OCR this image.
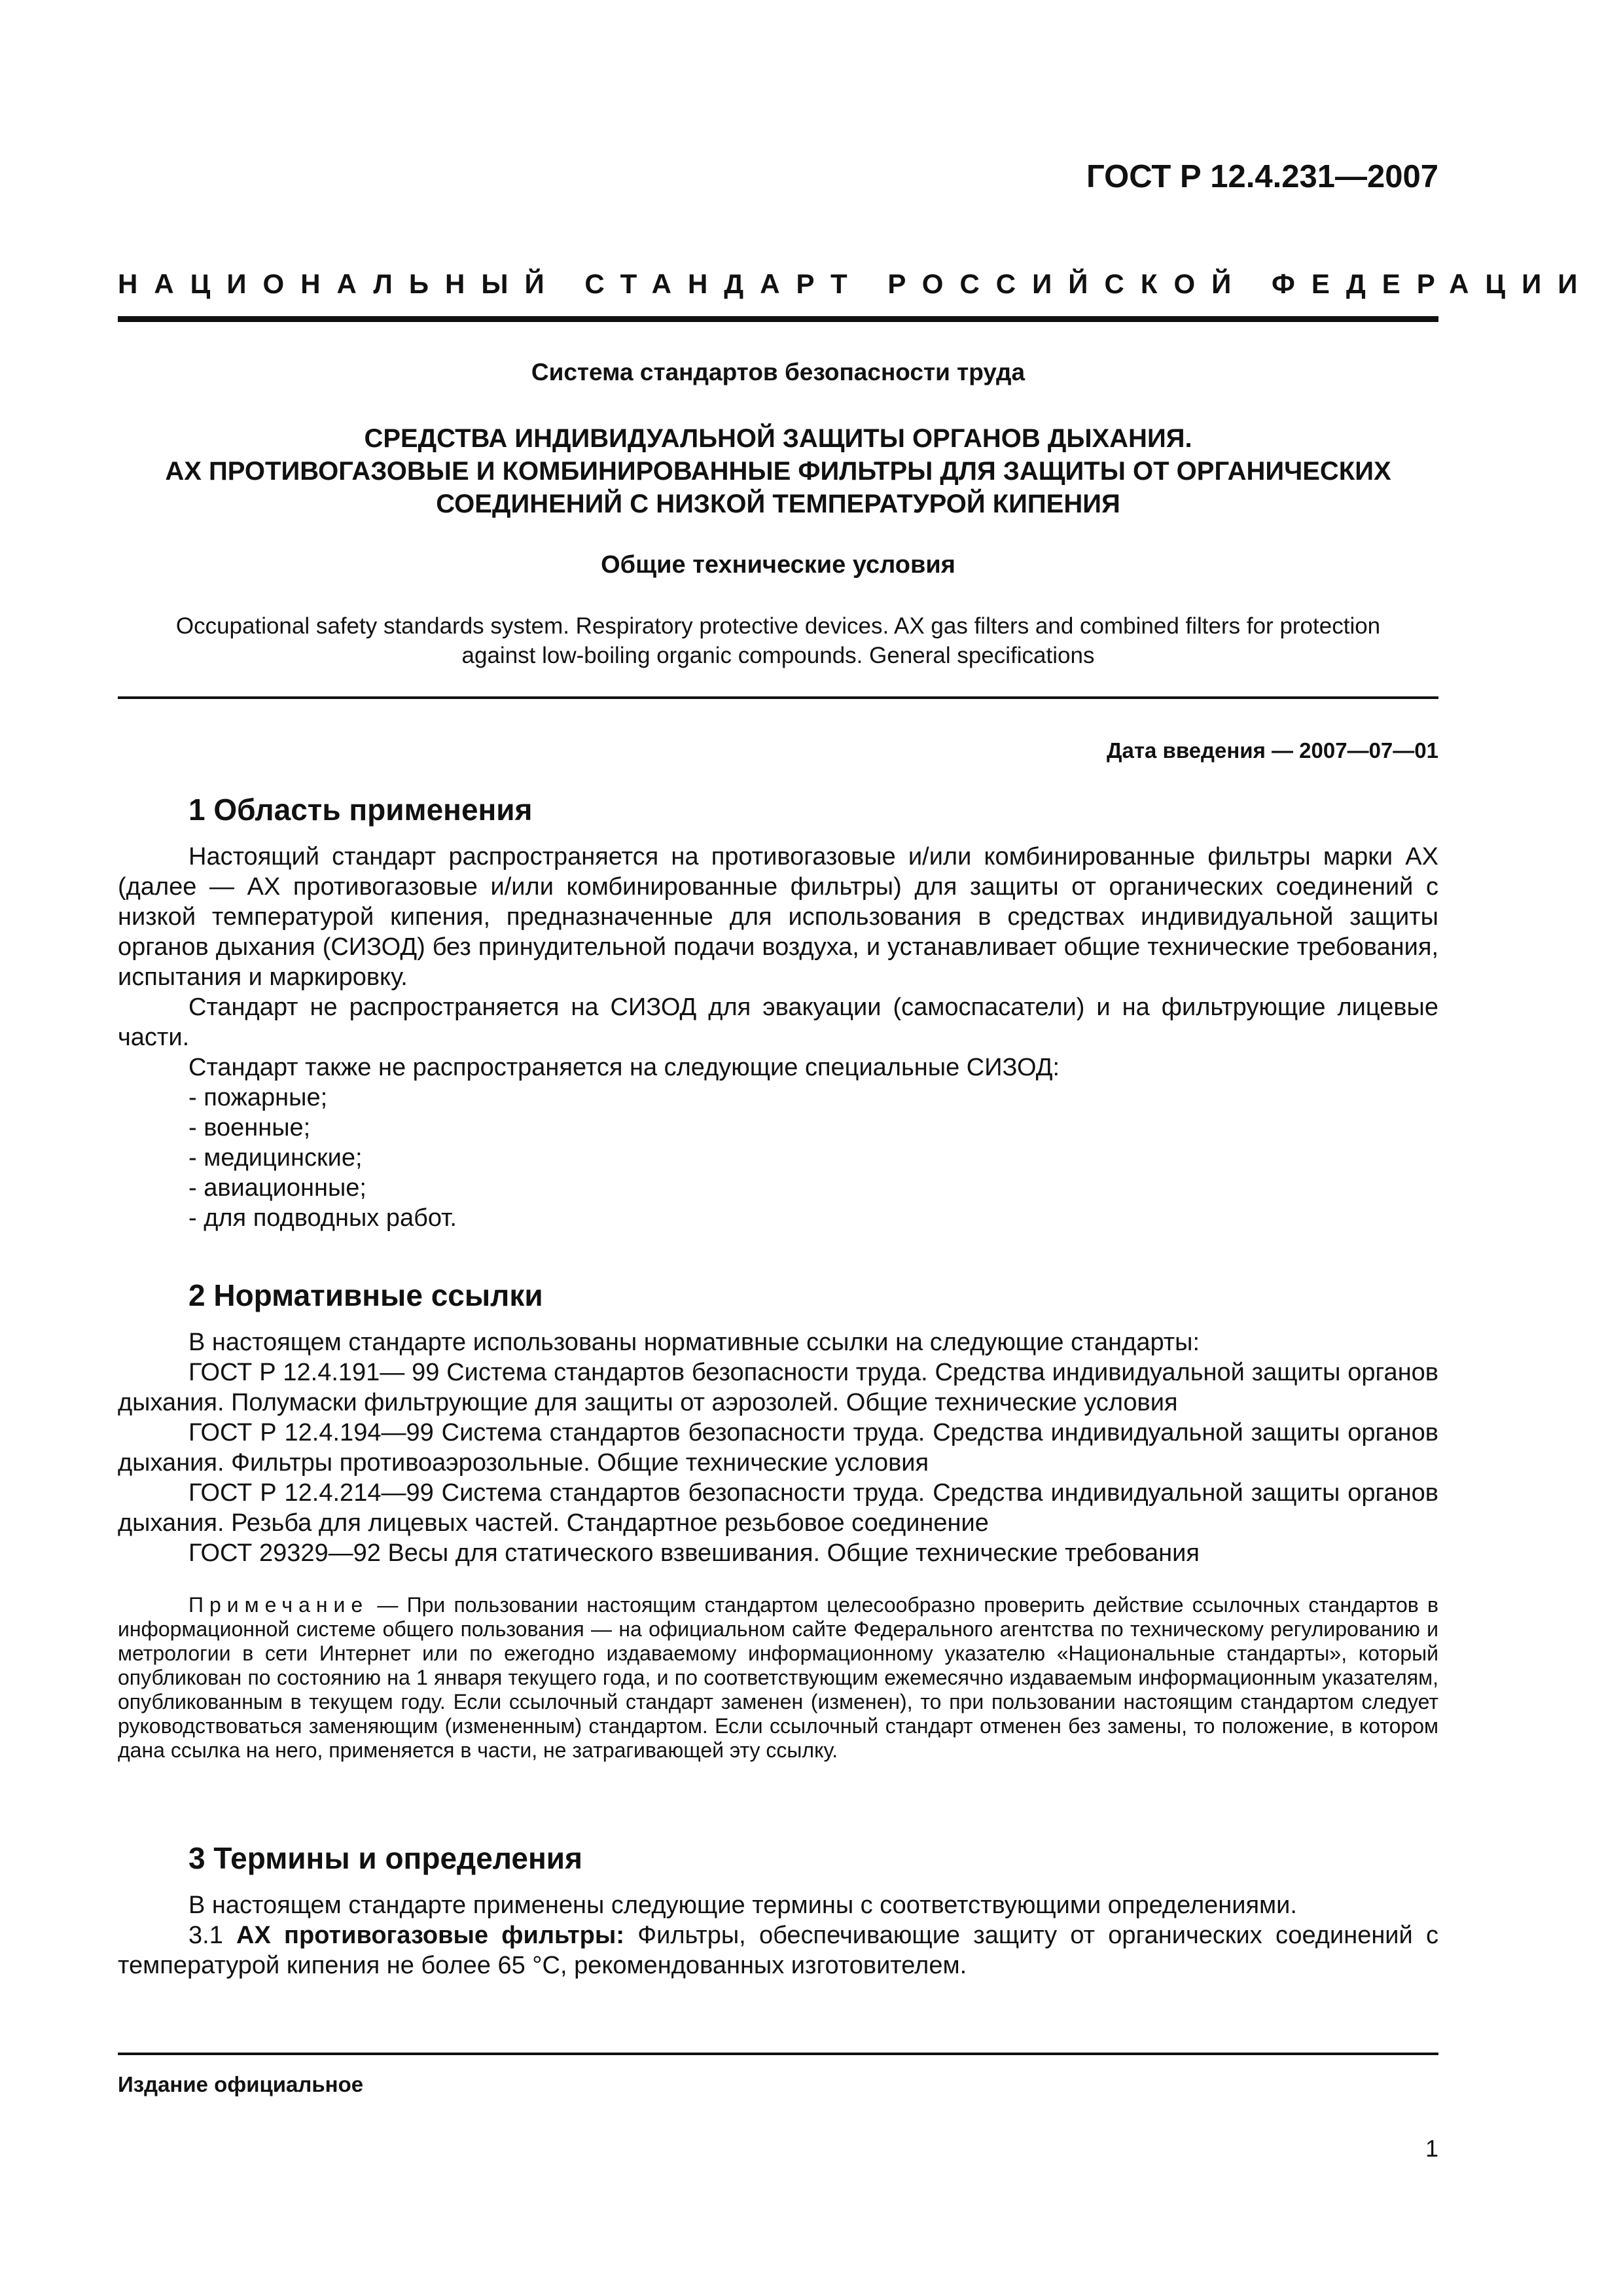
ГОСТ Р 12.4.231—2007
НАЦИОНАЛЬНЫЙ СТАНДАРТ РОССИЙСКОЙ ФЕДЕРАЦИИ
Система стандартов безопасности труда
СРЕДСТВА ИНДИВИДУАЛЬНОЙ ЗАЩИТЫ ОРГАНОВ ДЫХАНИЯ.
АХ ПРОТИВОГАЗОВЫЕ И КОМБИНИРОВАННЫЕ ФИЛЬТРЫ ДЛЯ ЗАЩИТЫ ОТ ОРГАНИЧЕСКИХ
СОЕДИНЕНИЙ С НИЗКОЙ ТЕМПЕРАТУРОЙ КИПЕНИЯ
Общие технические условия
Occupational safety standards system. Respiratory protective devices. AX gas filters and combined filters for protection
against low-boiling organic compounds. General specifications
Дата введения — 2007—07—01
1 Область применения

Настоящий стандарт распространяется на противогазовые и/или комбинированные фильтры марки АХ (далее — АХ противогазовые и/или комбинированные фильтры) для защиты от органических соединений с низкой температурой кипения, предназначенные для использования в средствах индивидуальной защиты органов дыхания (СИЗОД) без принудительной подачи воздуха, и устанавливает общие технические требования, испытания и маркировку.

Стандарт не распространяется на СИЗОД для эвакуации (самоспасатели) и на фильтрующие лицевые части.

Стандарт также не распространяется на следующие специальные СИЗОД:

- пожарные;
- военные;
- медицинские;
- авиационные;
- для подводных работ.
2 Нормативные ссылки

В настоящем стандарте использованы нормативные ссылки на следующие стандарты:

ГОСТ Р 12.4.191— 99 Система стандартов безопасности труда. Средства индивидуальной защиты органов дыхания. Полумаски фильтрующие для защиты от аэрозолей. Общие технические условия

ГОСТ Р 12.4.194—99 Система стандартов безопасности труда. Средства индивидуальной защиты органов дыхания. Фильтры противоаэрозольные. Общие технические условия

ГОСТ Р 12.4.214—99 Система стандартов безопасности труда. Средства индивидуальной защиты органов дыхания. Резьба для лицевых частей. Стандартное резьбовое соединение

ГОСТ 29329—92 Весы для статического взвешивания. Общие технические требования

Примечание — При пользовании настоящим стандартом целесообразно проверить действие ссылочных стандартов в информационной системе общего пользования — на официальном сайте Федерального агентства по техническому регулированию и метрологии в сети Интернет или по ежегодно издаваемому информационному указателю «Национальные стандарты», который опубликован по состоянию на 1 января текущего года, и по соответствующим ежемесячно издаваемым информационным указателям, опубликованным в текущем году. Если ссылочный стандарт заменен (изменен), то при пользовании настоящим стандартом следует руководствоваться заменяющим (измененным) стандартом. Если ссылочный стандарт отменен без замены, то положение, в котором дана ссылка на него, применяется в части, не затрагивающей эту ссылку.

3 Термины и определения

В настоящем стандарте применены следующие термины с соответствующими определениями.

3.1 АХ противогазовые фильтры: Фильтры, обеспечивающие защиту от органических соединений с температурой кипения не более 65 °С, рекомендованных изготовителем.

Издание официальное
1
